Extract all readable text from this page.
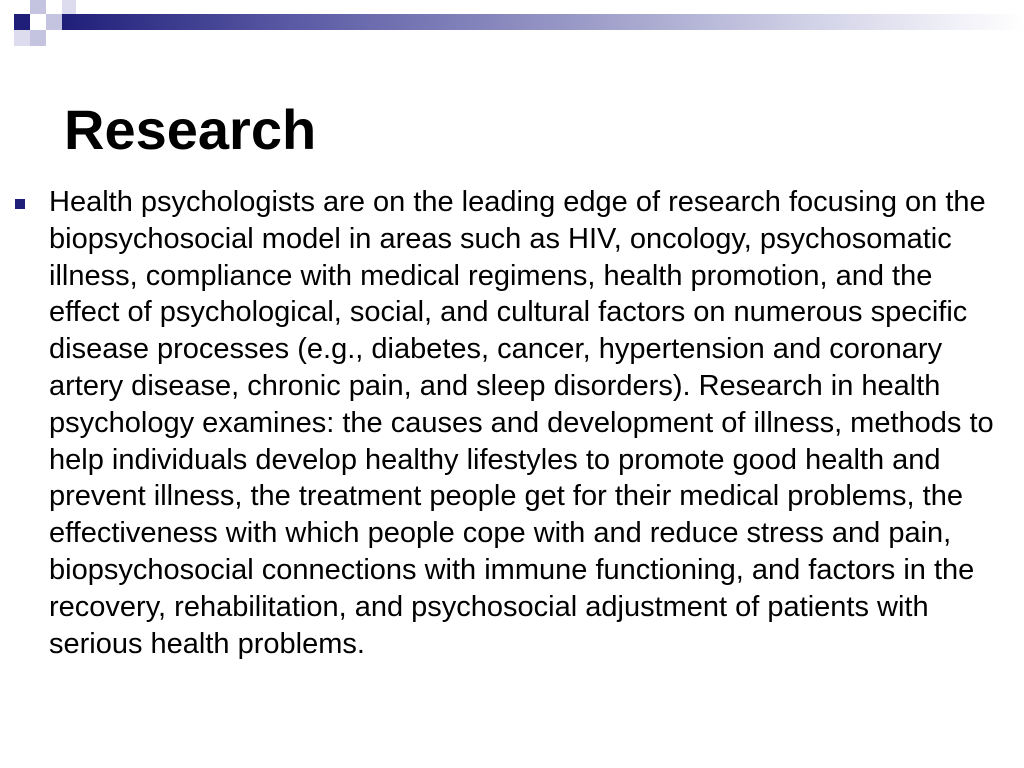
Research
Health psychologists are on the leading edge of research focusing on the biopsychosocial model in areas such as HIV, oncology, psychosomatic illness, compliance with medical regimens, health promotion, and the effect of psychological, social, and cultural factors on numerous specific disease processes (e.g., diabetes, cancer, hypertension and coronary artery disease, chronic pain, and sleep disorders). Research in health psychology examines: the causes and development of illness, methods to help individuals develop healthy lifestyles to promote good health and prevent illness, the treatment people get for their medical problems, the effectiveness with which people cope with and reduce stress and pain, biopsychosocial connections with immune functioning, and factors in the recovery, rehabilitation, and psychosocial adjustment of patients with serious health problems.
